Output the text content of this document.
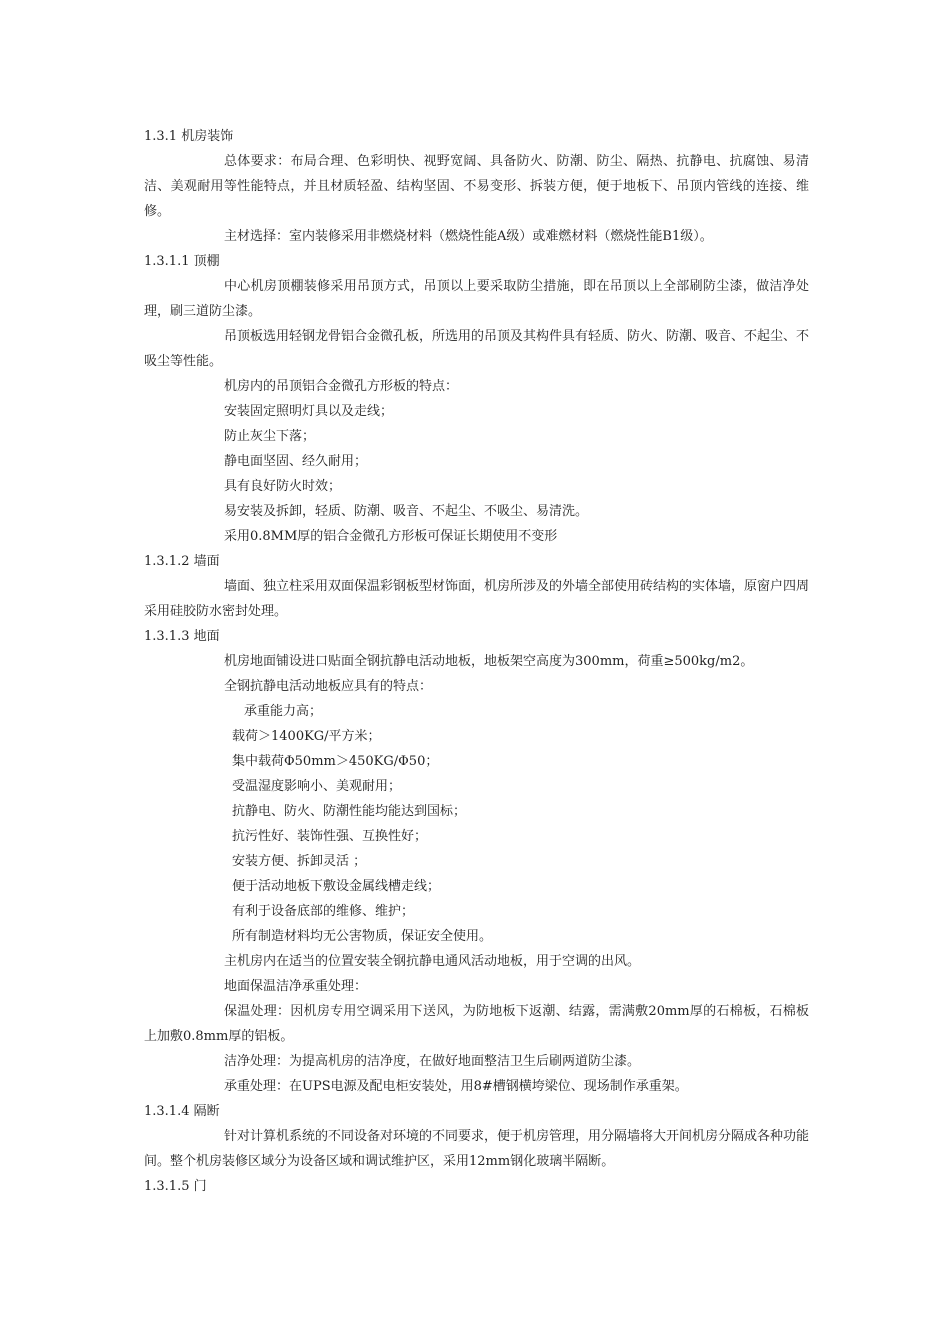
1.3.1 机房装饰
总体要求：布局合理、色彩明快、视野宽阔、具备防火、防潮、防尘、隔热、抗静电、抗腐蚀、易清洁、美观耐用等性能特点，并且材质轻盈、结构坚固、不易变形、拆装方便，便于地板下、吊顶内管线的连接、维修。
主材选择：室内装修采用非燃烧材料（燃烧性能A级）或难燃材料（燃烧性能B1级）。
1.3.1.1 顶棚
中心机房顶棚装修采用吊顶方式，吊顶以上要采取防尘措施，即在吊顶以上全部刷防尘漆，做洁净处理，刷三道防尘漆。
吊顶板选用轻钢龙骨铝合金微孔板，所选用的吊顶及其构件具有轻质、防火、防潮、吸音、不起尘、不吸尘等性能。
机房内的吊顶铝合金微孔方形板的特点：
安装固定照明灯具以及走线；
防止灰尘下落；
静电面坚固、经久耐用；
具有良好防火时效；
易安装及拆卸，轻质、防潮、吸音、不起尘、不吸尘、易清洗。
采用0.8MM厚的铝合金微孔方形板可保证长期使用不变形
1.3.1.2 墙面
墙面、独立柱采用双面保温彩钢板型材饰面，机房所涉及的外墙全部使用砖结构的实体墙，原窗户四周采用硅胶防水密封处理。
1.3.1.3 地面
机房地面铺设进口贴面全钢抗静电活动地板，地板架空高度为300mm，荷重≥500kg/m2。
全钢抗静电活动地板应具有的特点：
承重能力高；
载荷＞1400KG/平方米；
集中载荷Φ50mm＞450KG/Φ50；
受温湿度影响小、美观耐用；
抗静电、防火、防潮性能均能达到国标；
抗污性好、装饰性强、互换性好；
安装方便、拆卸灵活 ；
便于活动地板下敷设金属线槽走线；
有利于设备底部的维修、维护；
所有制造材料均无公害物质，保证安全使用。
主机房内在适当的位置安装全钢抗静电通风活动地板，用于空调的出风。
地面保温洁净承重处理：
保温处理：因机房专用空调采用下送风，为防地板下返潮、结露，需满敷20mm厚的石棉板，石棉板上加敷0.8mm厚的铝板。
洁净处理：为提高机房的洁净度，在做好地面整洁卫生后刷两道防尘漆。
承重处理：在UPS电源及配电柜安装处，用8#槽钢横垮梁位、现场制作承重架。
1.3.1.4 隔断
针对计算机系统的不同设备对环境的不同要求，便于机房管理，用分隔墙将大开间机房分隔成各种功能间。整个机房装修区域分为设备区域和调试维护区，采用12mm钢化玻璃半隔断。
1.3.1.5 门
